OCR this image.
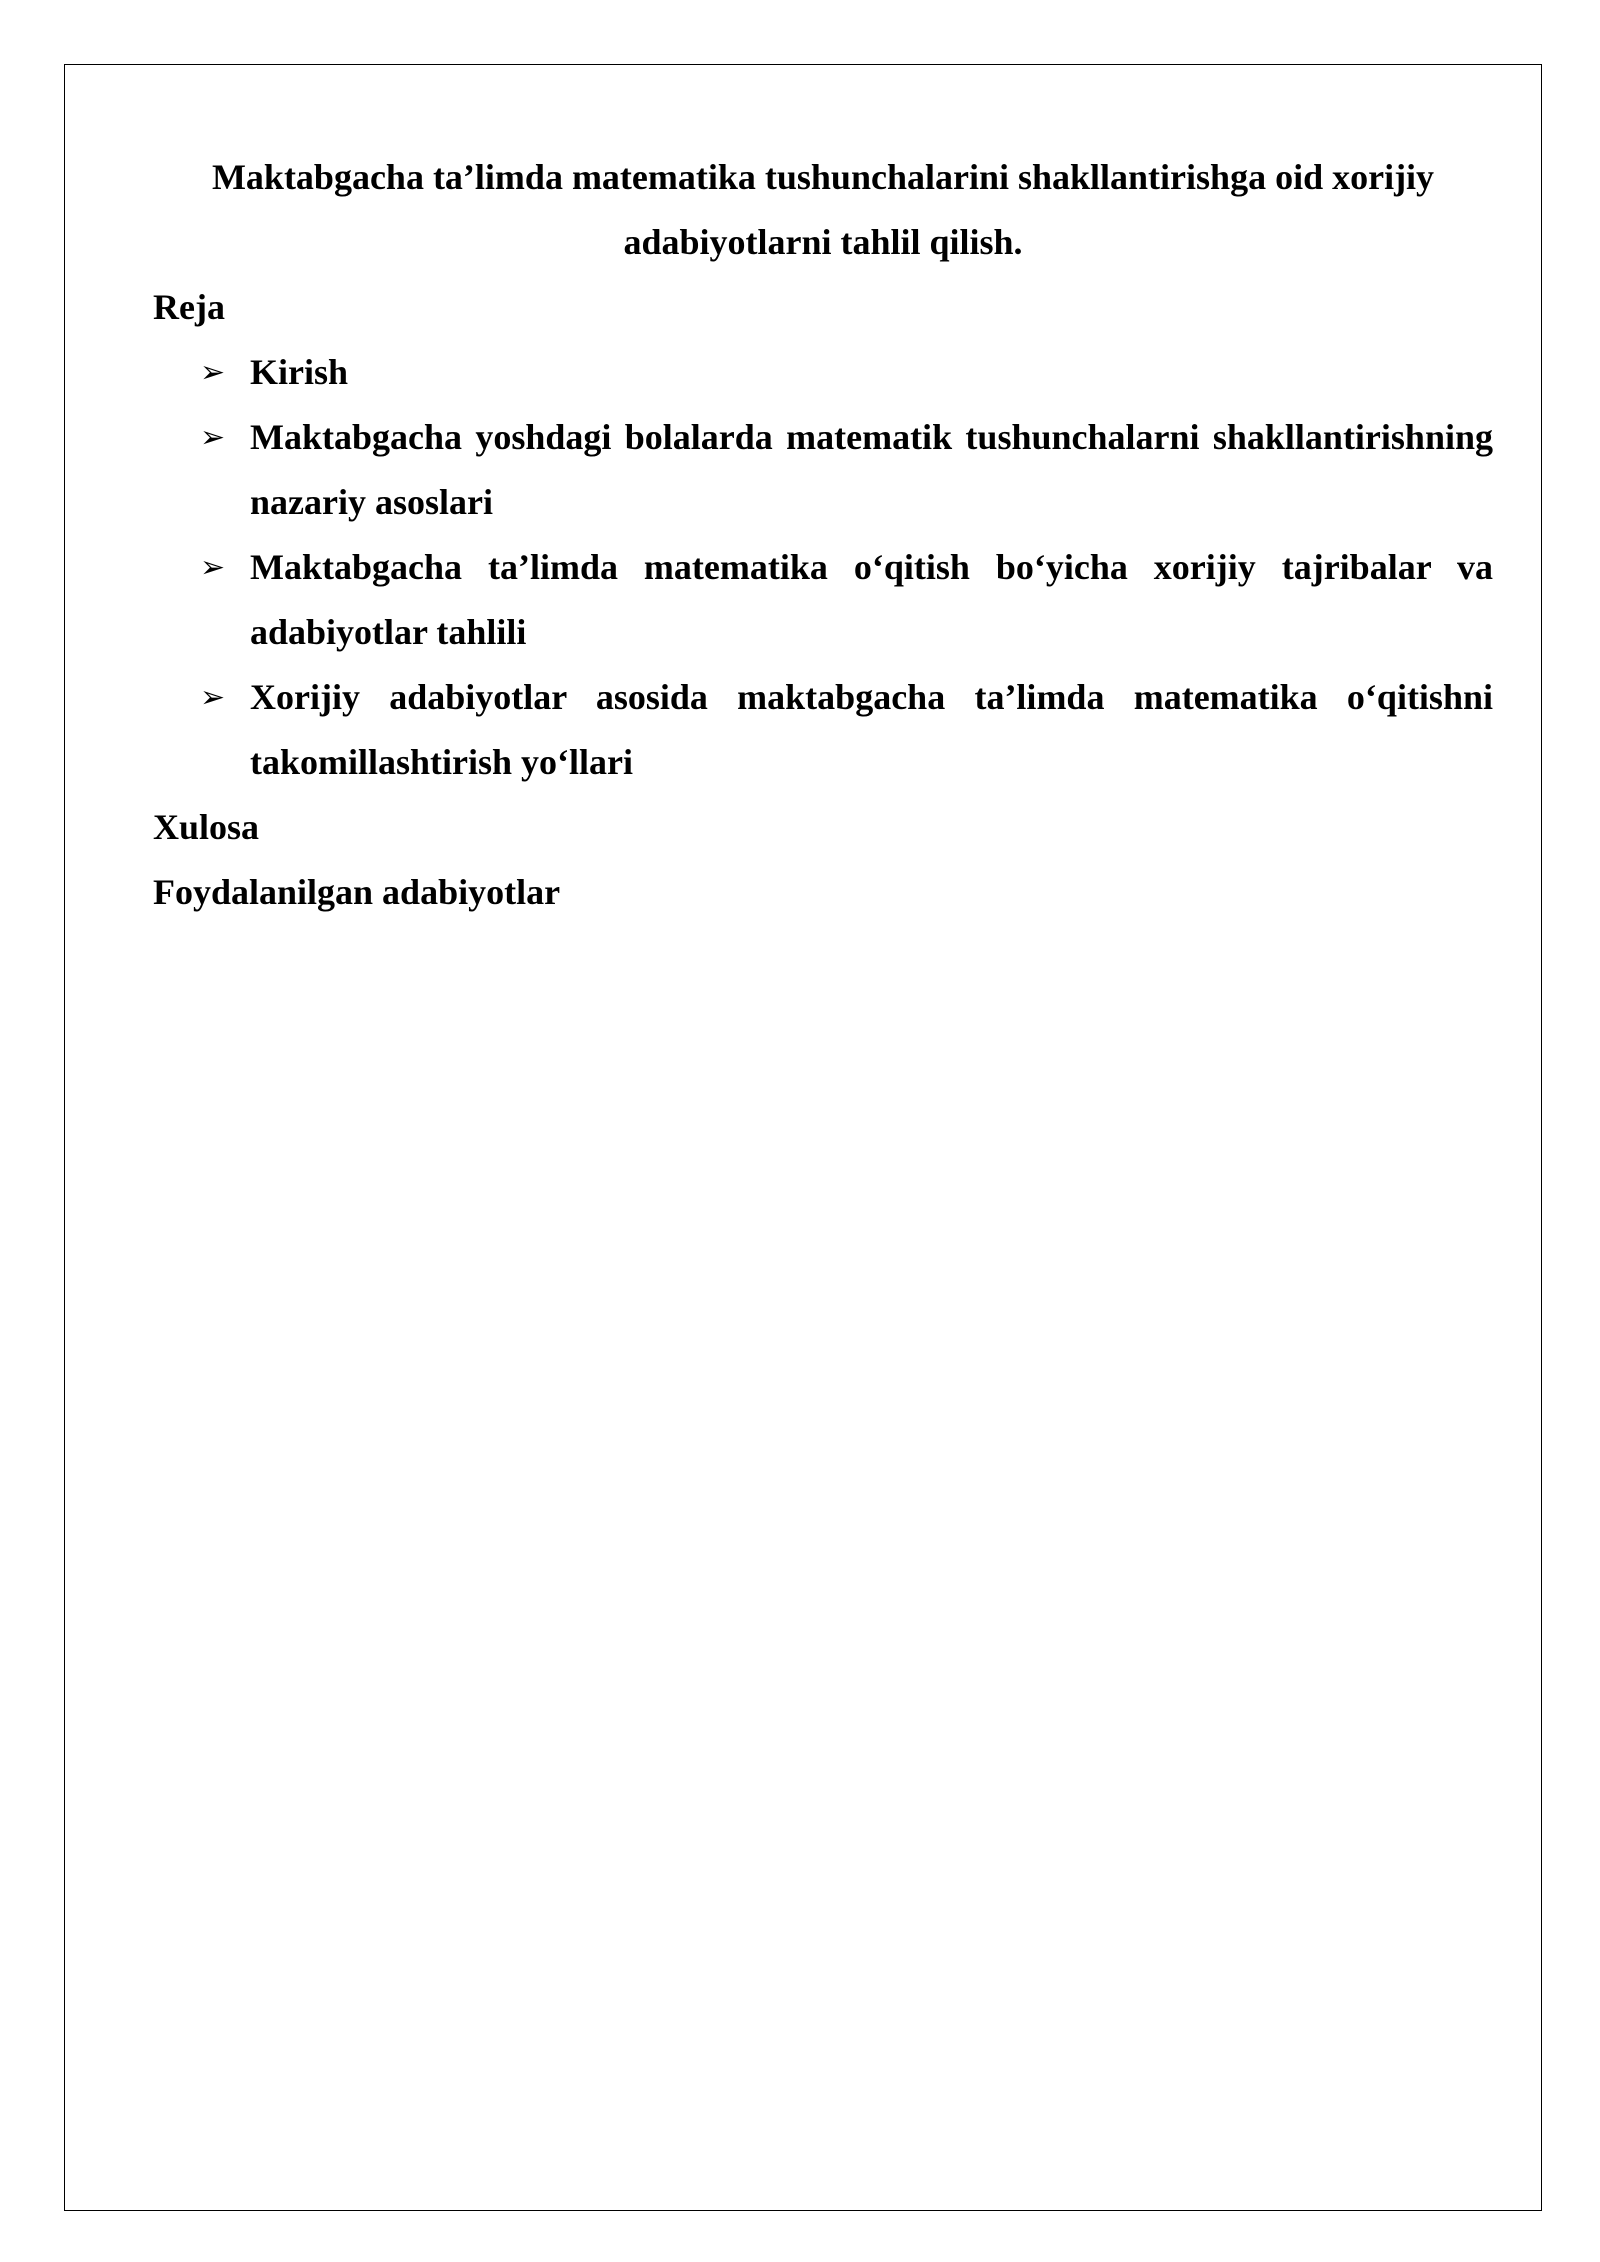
Maktabgacha ta’limda matematika tushunchalarini shakllantirishga oid xorijiy adabiyotlarni tahlil qilish.
Reja
➢ Kirish
➢ Maktabgacha yoshdagi bolalarda matematik tushunchalarni shakllantirishning nazariy asoslari
➢ Maktabgacha ta’limda matematika o‘qitish bo‘yicha xorijiy tajribalar va adabiyotlar tahlili
➢ Xorijiy adabiyotlar asosida maktabgacha ta’limda matematika o‘qitishni takomillashtirish yo‘llari
Xulosa
Foydalanilgan adabiyotlar
